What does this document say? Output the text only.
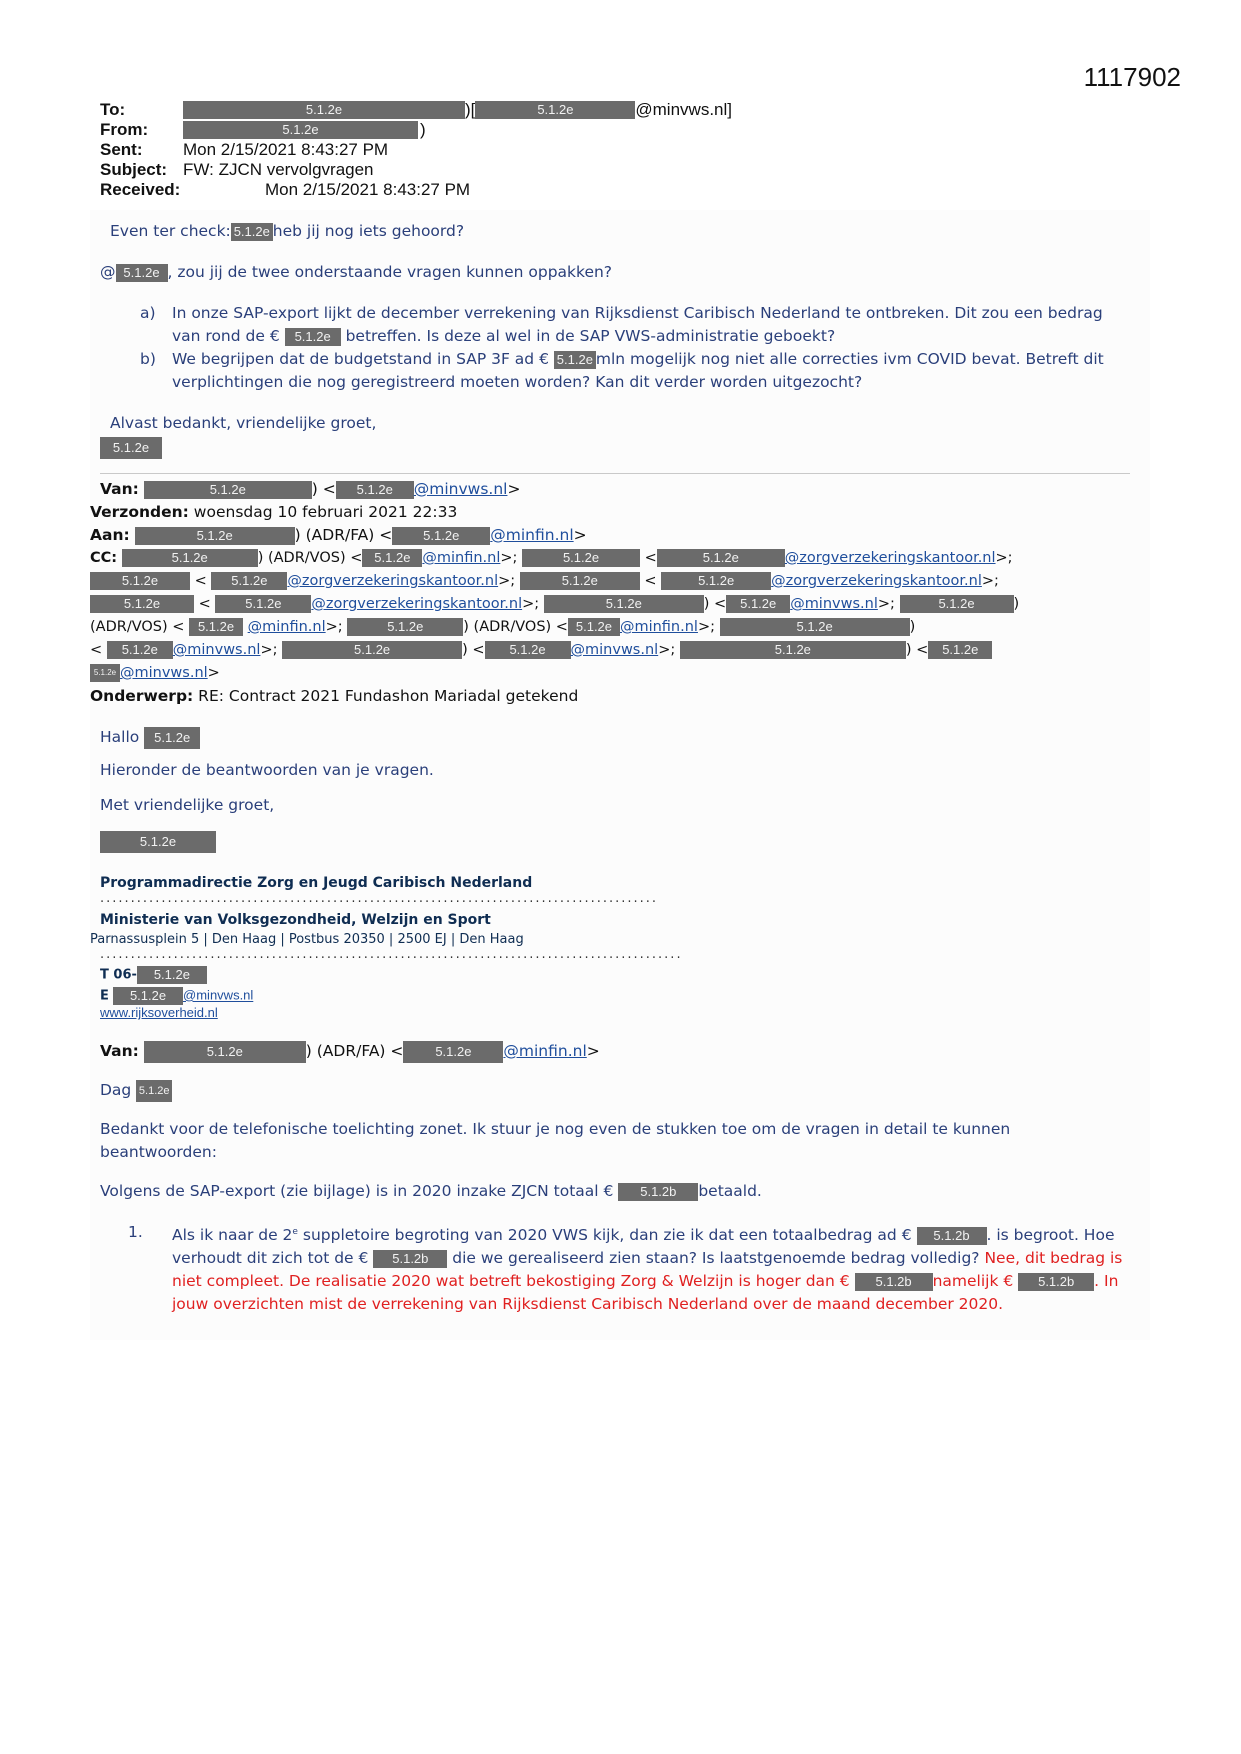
1117902
To:	5.1.2e	)[	5.1.2e	@minvws.nl]
From:	5.1.2e	)
Sent:	Mon 2/15/2021 8:43:27 PM
Subject: FW: ZJCN vervolgvragen
Received:	Mon 2/15/2021 8:43:27 PM
Even ter check: 5.1.2e heb jij nog iets gehoord?
@ 5.1.2e , zou jij de twee onderstaande vragen kunnen oppakken?
a) In onze SAP-export lijkt de december verrekening van Rijksdienst Caribisch Nederland te ontbreken. Dit zou een bedrag
van rond de € 5.1.2e betreffen. Is deze al wel in de SAP VWS-administratie geboekt?
b) We begrijpen dat de budgetstand in SAP 3F ad € 5.1.2e mln mogelijk nog niet alle correcties ivm COVID bevat. Betreft dit
verplichtingen die nog geregistreerd moeten worden? Kan dit verder worden uitgezocht?
Alvast bedankt, vriendelijke groet,
5.1.2e
Van:	5.1.2e	) < 5.1.2e @minvws.nl>
Verzonden: woensdag 10 februari 2021 22:33
Aan:	5.1.2e	) (ADR/FA) < 5.1.2e @minfin.nl>
CC:	5.1.2e	) (ADR/VOS) < 5.1.2e @minfin.nl>;	5.1.2e	<	5.1.2e	@zorgverzekeringskantoor.nl>;
5.1.2e	< 5.1.2e @zorgverzekeringskantoor.nl>;	5.1.2e	<	5.1.2e	@zorgverzekeringskantoor.nl>;
5.1.2e	<	5.1.2e @zorgverzekeringskantoor.nl>;	5.1.2e	) < 5.1.2e @minvws.nl>;	5.1.2e	)
(ADR/VOS) < 5.1.2e @minfin.nl>;	5.1.2e	) (ADR/VOS) < 5.1.2e @minfin.nl>;	5.1.2e	)
< 5.1.2e @minvws.nl>;	5.1.2e	) < 5.1.2e @minvws.nl>;	5.1.2e	) < 5.1.2e
5.1.2e @minvws.nl>
Onderwerp: RE: Contract 2021 Fundashon Mariadal getekend
Hallo 5.1.2e
Hieronder de beantwoorden van je vragen.
Met vriendelijke groet,
5.1.2e
Programmadirectie Zorg en Jeugd Caribisch Nederland
...........................................................................................
Ministerie van Volksgezondheid, Welzijn en Sport
Parnassusplein 5 | Den Haag | Postbus 20350 | 2500 EJ | Den Haag
...............................................................................................
T 06- 5.1.2e
E 5.1.2e @minvws.nl
www.rijksoverheid.nl
Van:	5.1.2e	) (ADR/FA) < 5.1.2e @minfin.nl>
Dag 5.1.2e
Bedankt voor de telefonische toelichting zonet. Ik stuur je nog even de stukken toe om de vragen in detail te kunnen
beantwoorden:
Volgens de SAP-export (zie bijlage) is in 2020 inzake ZJCN totaal € 5.1.2b betaald.
1. Als ik naar de 2e suppletoire begroting van 2020 VWS kijk, dan zie ik dat een totaalbedrag ad € 5.1.2b . is begroot. Hoe
verhoudt dit zich tot de € 5.1.2b die we gerealiseerd zien staan? Is laatstgenoemde bedrag volledig? Nee, dit bedrag is
niet compleet. De realisatie 2020 wat betreft bekostiging Zorg & Welzijn is hoger dan € 5.1.2b namelijk € 5.1.2b . In
jouw overzichten mist de verrekening van Rijksdienst Caribisch Nederland over de maand december 2020.
